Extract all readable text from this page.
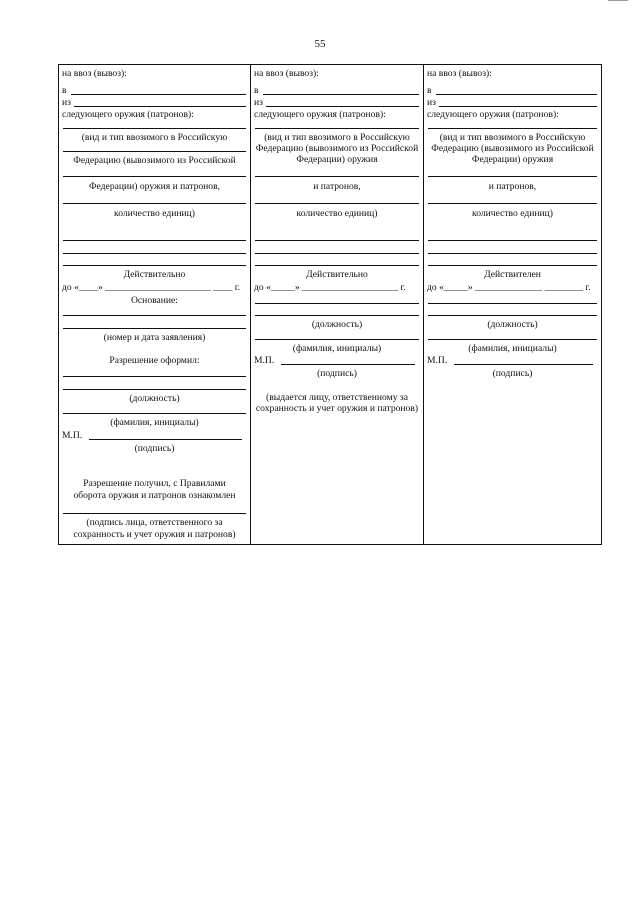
55
на ввоз (вывоз):
в
из
следующего оружия (патронов):
(вид и тип ввозимого в Российскую
Федерацию (вывозимого из Российской
Федерации) оружия и патронов,
количество единиц)
Действительно
до «____» ______________________ ____ г.
Основание:
(номер и дата заявления)
Разрешение оформил:
(должность)
(фамилия, инициалы)
М.П.
(подпись)
Разрешение получил, с Правилами
оборота оружия и патронов ознакомлен
(подпись лица, ответственного за
сохранность и учет оружия и патронов)
на ввоз (вывоз):
в
из
следующего оружия (патронов):
(вид и тип ввозимого в Российскую Федерацию (вывозимого из Российской Федерации) оружия
и патронов,
количество единиц)
Действительно
до «_____» ____________________ г.
(должность)
(фамилия, инициалы)
М.П.
(подпись)
(выдается лицу, ответственному за сохранность и учет оружия и патронов)
на ввоз (вывоз):
в
из
следующего оружия (патронов):
(вид и тип ввозимого в Российскую Федерацию (вывозимого из Российской Федерации) оружия
и патронов,
количество единиц)
Действителен
до «_____» ______________ ________ г.
(должность)
(фамилия, инициалы)
М.П.
(подпись)
